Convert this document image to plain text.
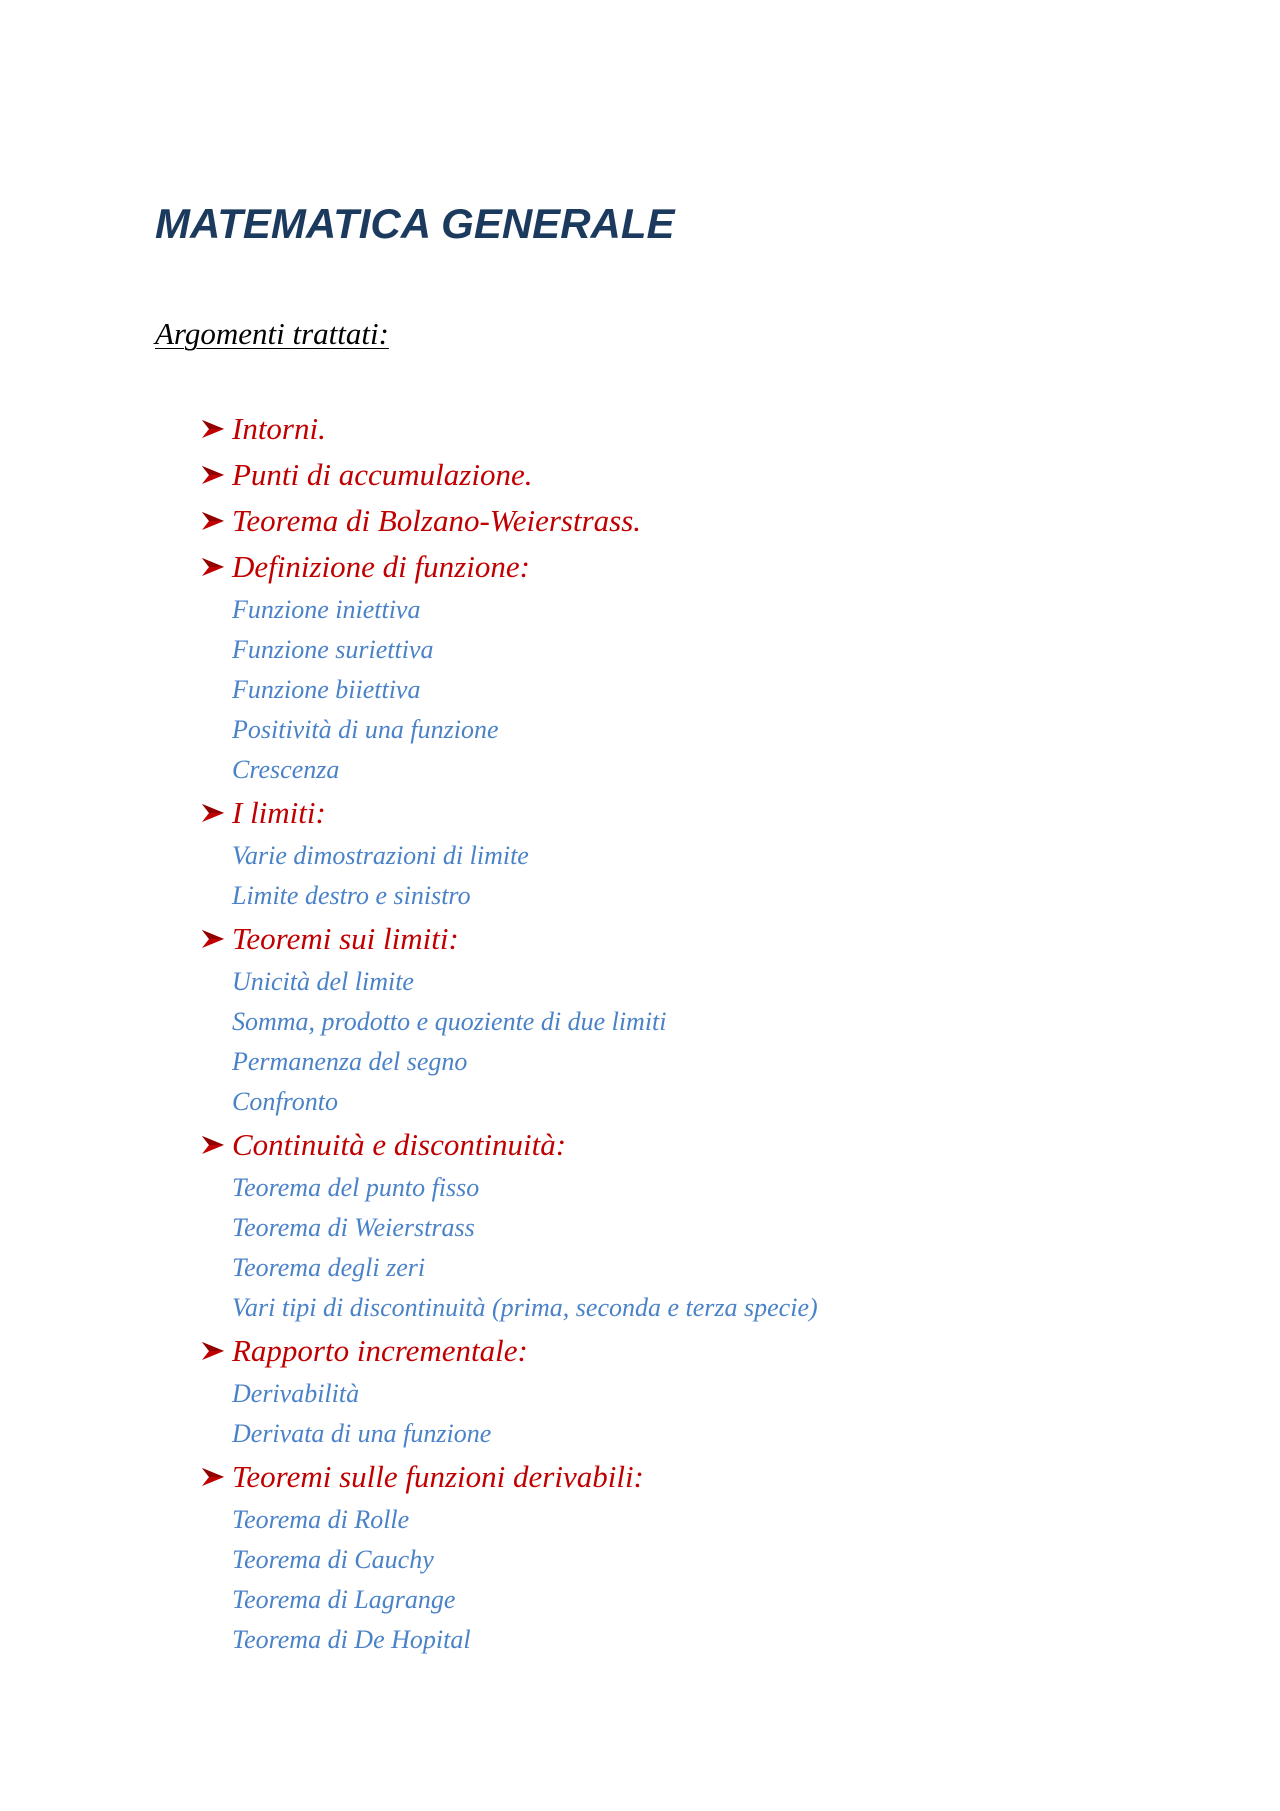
MATEMATICA GENERALE

Argomenti trattati:

Intorni.
Punti di accumulazione.
Teorema di Bolzano-Weierstrass.
Definizione di funzione:
Funzione iniettiva
Funzione suriettiva
Funzione biiettiva
Positività di una funzione
Crescenza
I limiti:
Varie dimostrazioni di limite
Limite destro e sinistro
Teoremi sui limiti:
Unicità del limite
Somma, prodotto e quoziente di due limiti
Permanenza del segno
Confronto
Continuità e discontinuità:
Teorema del punto fisso
Teorema di Weierstrass
Teorema degli zeri
Vari tipi di discontinuità (prima, seconda e terza specie)
Rapporto incrementale:
Derivabilità
Derivata di una funzione
Teoremi sulle funzioni derivabili:
Teorema di Rolle
Teorema di Cauchy
Teorema di Lagrange
Teorema di De Hopital
